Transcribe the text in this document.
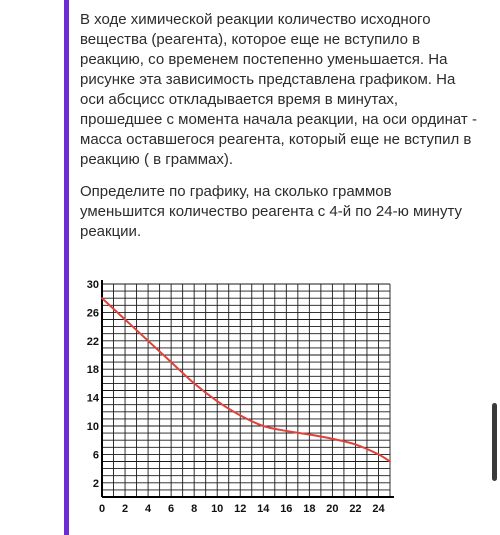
В ходе химической реакции количество исходного вещества (реагента), которое еще не вступило в реакцию, со временем постепенно уменьшается. На рисунке эта зависимость представлена графиком. На оси абсцисс откладывается время в минутах, прошедшее с момента начала реакции, на оси ординат - масса оставшегося реагента, который еще не вступил в реакцию ( в граммах).

Определите по графику, на сколько граммов уменьшится количество реагента с 4-й по 24-ю минуту реакции.

2
6
10
14
18
22
26
30
0 2 4 6 8 10 12 14 16 18 20 22 24
